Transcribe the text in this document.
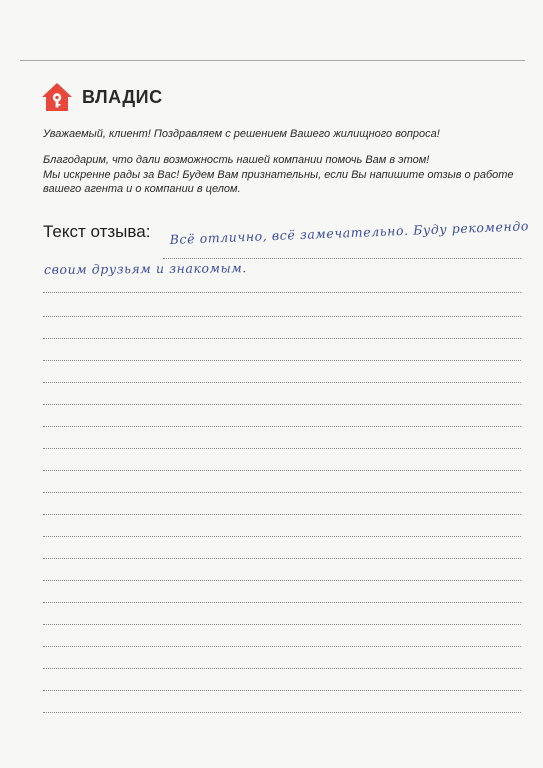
ВЛАДИС
Уважаемый, клиент! Поздравляем с решением Вашего жилищного вопроса!
Благодарим, что дали возможность нашей компании помочь Вам в этом!
Мы искренне рады за Вас! Будем Вам признательны, если Вы напишите отзыв о работе
вашего агента и о компании в целом.
Текст отзыва: Всё отлично, всё замечательно. Буду рекомендо
своим друзьям и знакомым.
